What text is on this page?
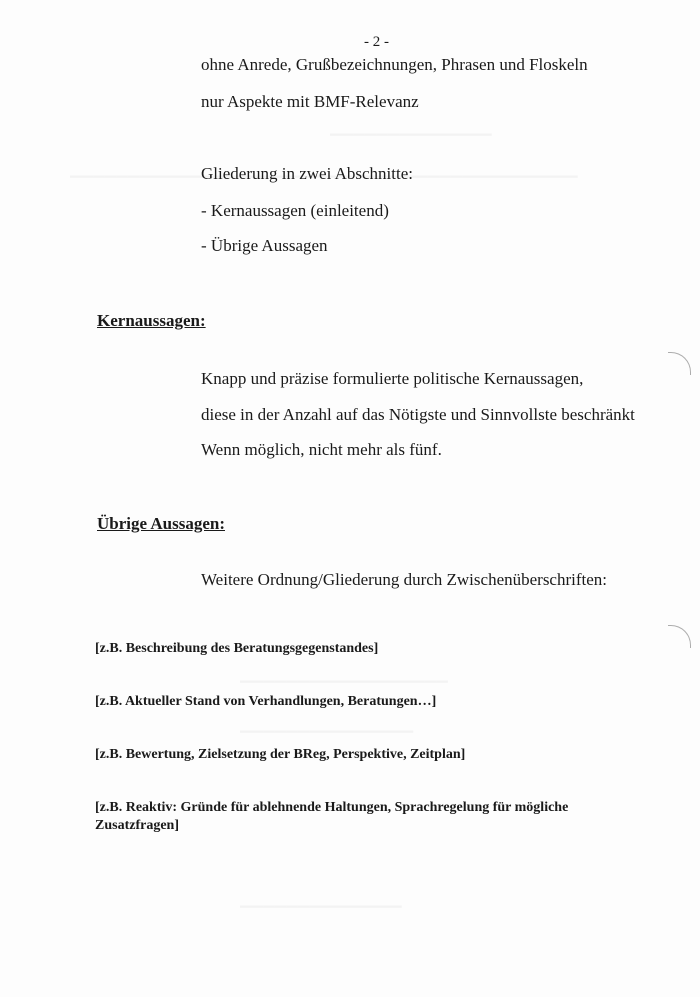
- 2 -
ohne Anrede, Grußbezeichnungen, Phrasen und Floskeln
nur Aspekte mit BMF-Relevanz
Gliederung in zwei Abschnitte:
- Kernaussagen (einleitend)
- Übrige Aussagen
Kernaussagen:
Knapp und präzise formulierte politische Kernaussagen,
diese in der Anzahl auf das Nötigste und Sinnvollste beschränkt
Wenn möglich, nicht mehr als fünf.
Übrige Aussagen:
Weitere Ordnung/Gliederung durch Zwischenüberschriften:
[z.B. Beschreibung des Beratungsgegenstandes]
[z.B. Aktueller Stand von Verhandlungen, Beratungen…]
[z.B. Bewertung, Zielsetzung der BReg, Perspektive, Zeitplan]
[z.B. Reaktiv: Gründe für ablehnende Haltungen, Sprachregelung für mögliche Zusatzfragen]
